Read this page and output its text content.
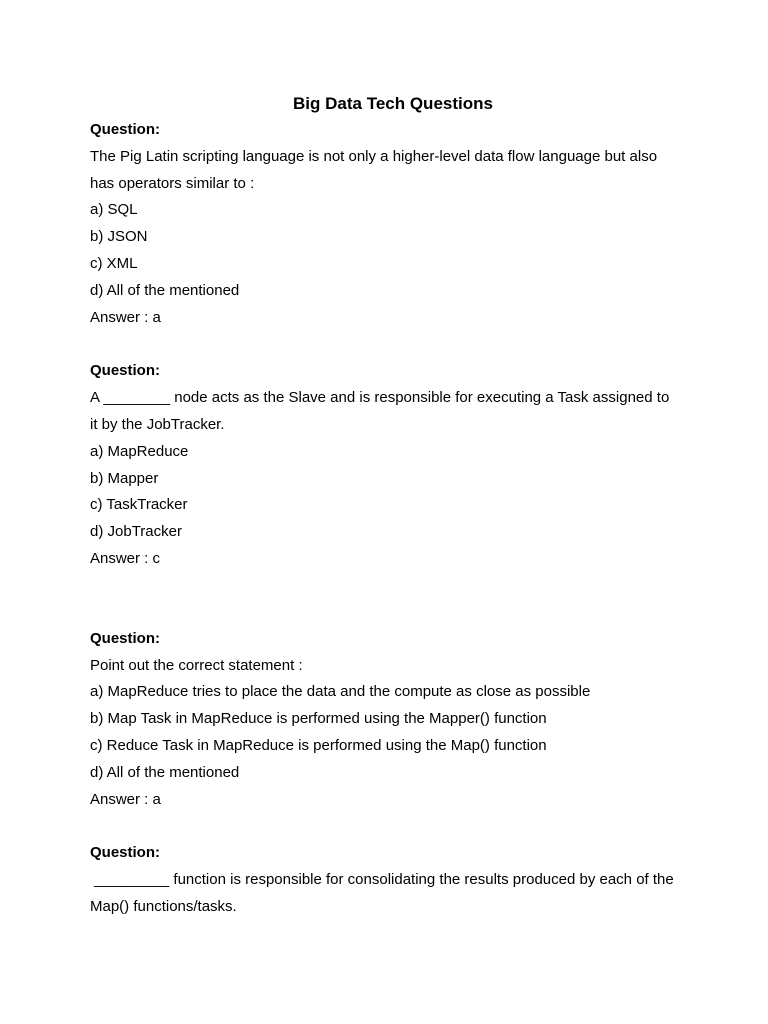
Big Data Tech Questions

Question:

The Pig Latin scripting language is not only a higher-level data flow language but also

has operators similar to :

a) SQL

b) JSON

c) XML

d) All of the mentioned

Answer : a

Question:

A ________ node acts as the Slave and is responsible for executing a Task assigned to

it by the JobTracker.

a) MapReduce

b) Mapper

c) TaskTracker

d) JobTracker

Answer : c

Question:

Point out the correct statement :

a) MapReduce tries to place the data and the compute as close as possible

b) Map Task in MapReduce is performed using the Mapper() function

c) Reduce Task in MapReduce is performed using the Map() function

d) All of the mentioned

Answer : a

Question:

_________ function is responsible for consolidating the results produced by each of the

Map() functions/tasks.
